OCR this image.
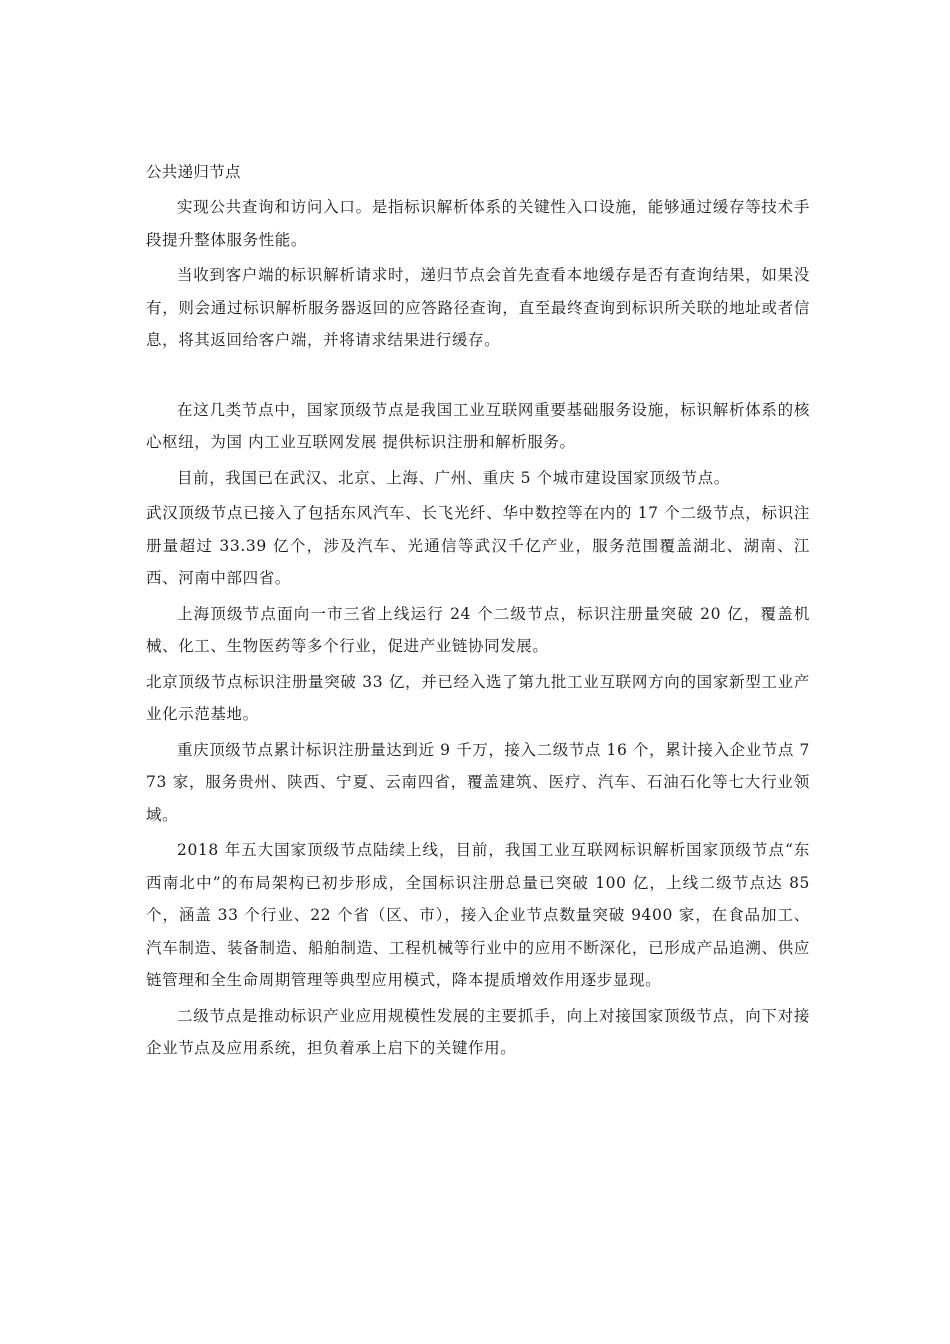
公共递归节点

实现公共查询和访问入口。是指标识解析体系的关键性入口设施，能够通过缓存等技术手段提升整体服务性能。

当收到客户端的标识解析请求时，递归节点会首先查看本地缓存是否有查询结果，如果没有，则会通过标识解析服务器返回的应答路径查询，直至最终查询到标识所关联的地址或者信息，将其返回给客户端，并将请求结果进行缓存。

在这几类节点中，国家顶级节点是我国工业互联网重要基础服务设施，标识解析体系的核心枢纽，为国 内工业互联网发展 提供标识注册和解析服务。

目前，我国已在武汉、北京、上海、广州、重庆 5 个城市建设国家顶级节点。

武汉顶级节点已接入了包括东风汽车、长飞光纤、华中数控等在内的 17 个二级节点，标识注册量超过 33.39 亿个，涉及汽车、光通信等武汉千亿产业，服务范围覆盖湖北、湖南、江西、河南中部四省。

上海顶级节点面向一市三省上线运行 24 个二级节点，标识注册量突破 20 亿，覆盖机械、化工、生物医药等多个行业，促进产业链协同发展。

北京顶级节点标识注册量突破 33 亿，并已经入选了第九批工业互联网方向的国家新型工业产业化示范基地。

重庆顶级节点累计标识注册量达到近 9 千万，接入二级节点 16 个，累计接入企业节点 773 家，服务贵州、陕西、宁夏、云南四省，覆盖建筑、医疗、汽车、石油石化等七大行业领域。

2018 年五大国家顶级节点陆续上线，目前，我国工业互联网标识解析国家顶级节点“东西南北中”的布局架构已初步形成，全国标识注册总量已突破 100 亿，上线二级节点达 85 个，涵盖 33 个行业、22 个省（区、市），接入企业节点数量突破 9400 家，在食品加工、汽车制造、装备制造、船舶制造、工程机械等行业中的应用不断深化，已形成产品追溯、供应链管理和全生命周期管理等典型应用模式，降本提质增效作用逐步显现。

二级节点是推动标识产业应用规模性发展的主要抓手，向上对接国家顶级节点，向下对接企业节点及应用系统，担负着承上启下的关键作用。
